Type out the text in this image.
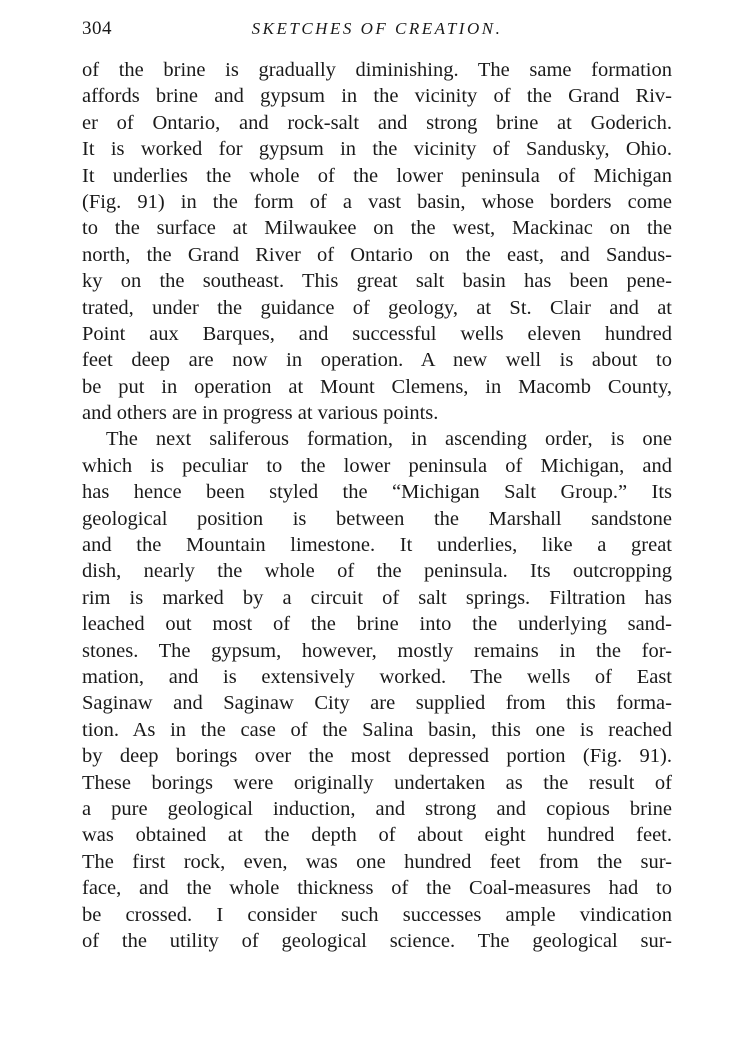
304	SKETCHES OF CREATION.
of the brine is gradually diminishing. The same formation
affords brine and gypsum in the vicinity of the Grand Riv-
er of Ontario, and rock-salt and strong brine at Goderich.
It is worked for gypsum in the vicinity of Sandusky, Ohio.
It underlies the whole of the lower peninsula of Michigan
(Fig. 91) in the form of a vast basin, whose borders come
to the surface at Milwaukee on the west, Mackinac on the
north, the Grand River of Ontario on the east, and Sandus-
ky on the southeast. This great salt basin has been pene-
trated, under the guidance of geology, at St. Clair and at
Point aux Barques, and successful wells eleven hundred
feet deep are now in operation. A new well is about to
be put in operation at Mount Clemens, in Macomb County,
and others are in progress at various points.
The next saliferous formation, in ascending order, is one
which is peculiar to the lower peninsula of Michigan, and
has hence been styled the “Michigan Salt Group.” Its
geological position is between the Marshall sandstone
and the Mountain limestone. It underlies, like a great
dish, nearly the whole of the peninsula. Its outcropping
rim is marked by a circuit of salt springs. Filtration has
leached out most of the brine into the underlying sand-
stones. The gypsum, however, mostly remains in the for-
mation, and is extensively worked. The wells of East
Saginaw and Saginaw City are supplied from this forma-
tion. As in the case of the Salina basin, this one is reached
by deep borings over the most depressed portion (Fig. 91).
These borings were originally undertaken as the result of
a pure geological induction, and strong and copious brine
was obtained at the depth of about eight hundred feet.
The first rock, even, was one hundred feet from the sur-
face, and the whole thickness of the Coal-measures had to
be crossed. I consider such successes ample vindication
of the utility of geological science. The geological sur-
